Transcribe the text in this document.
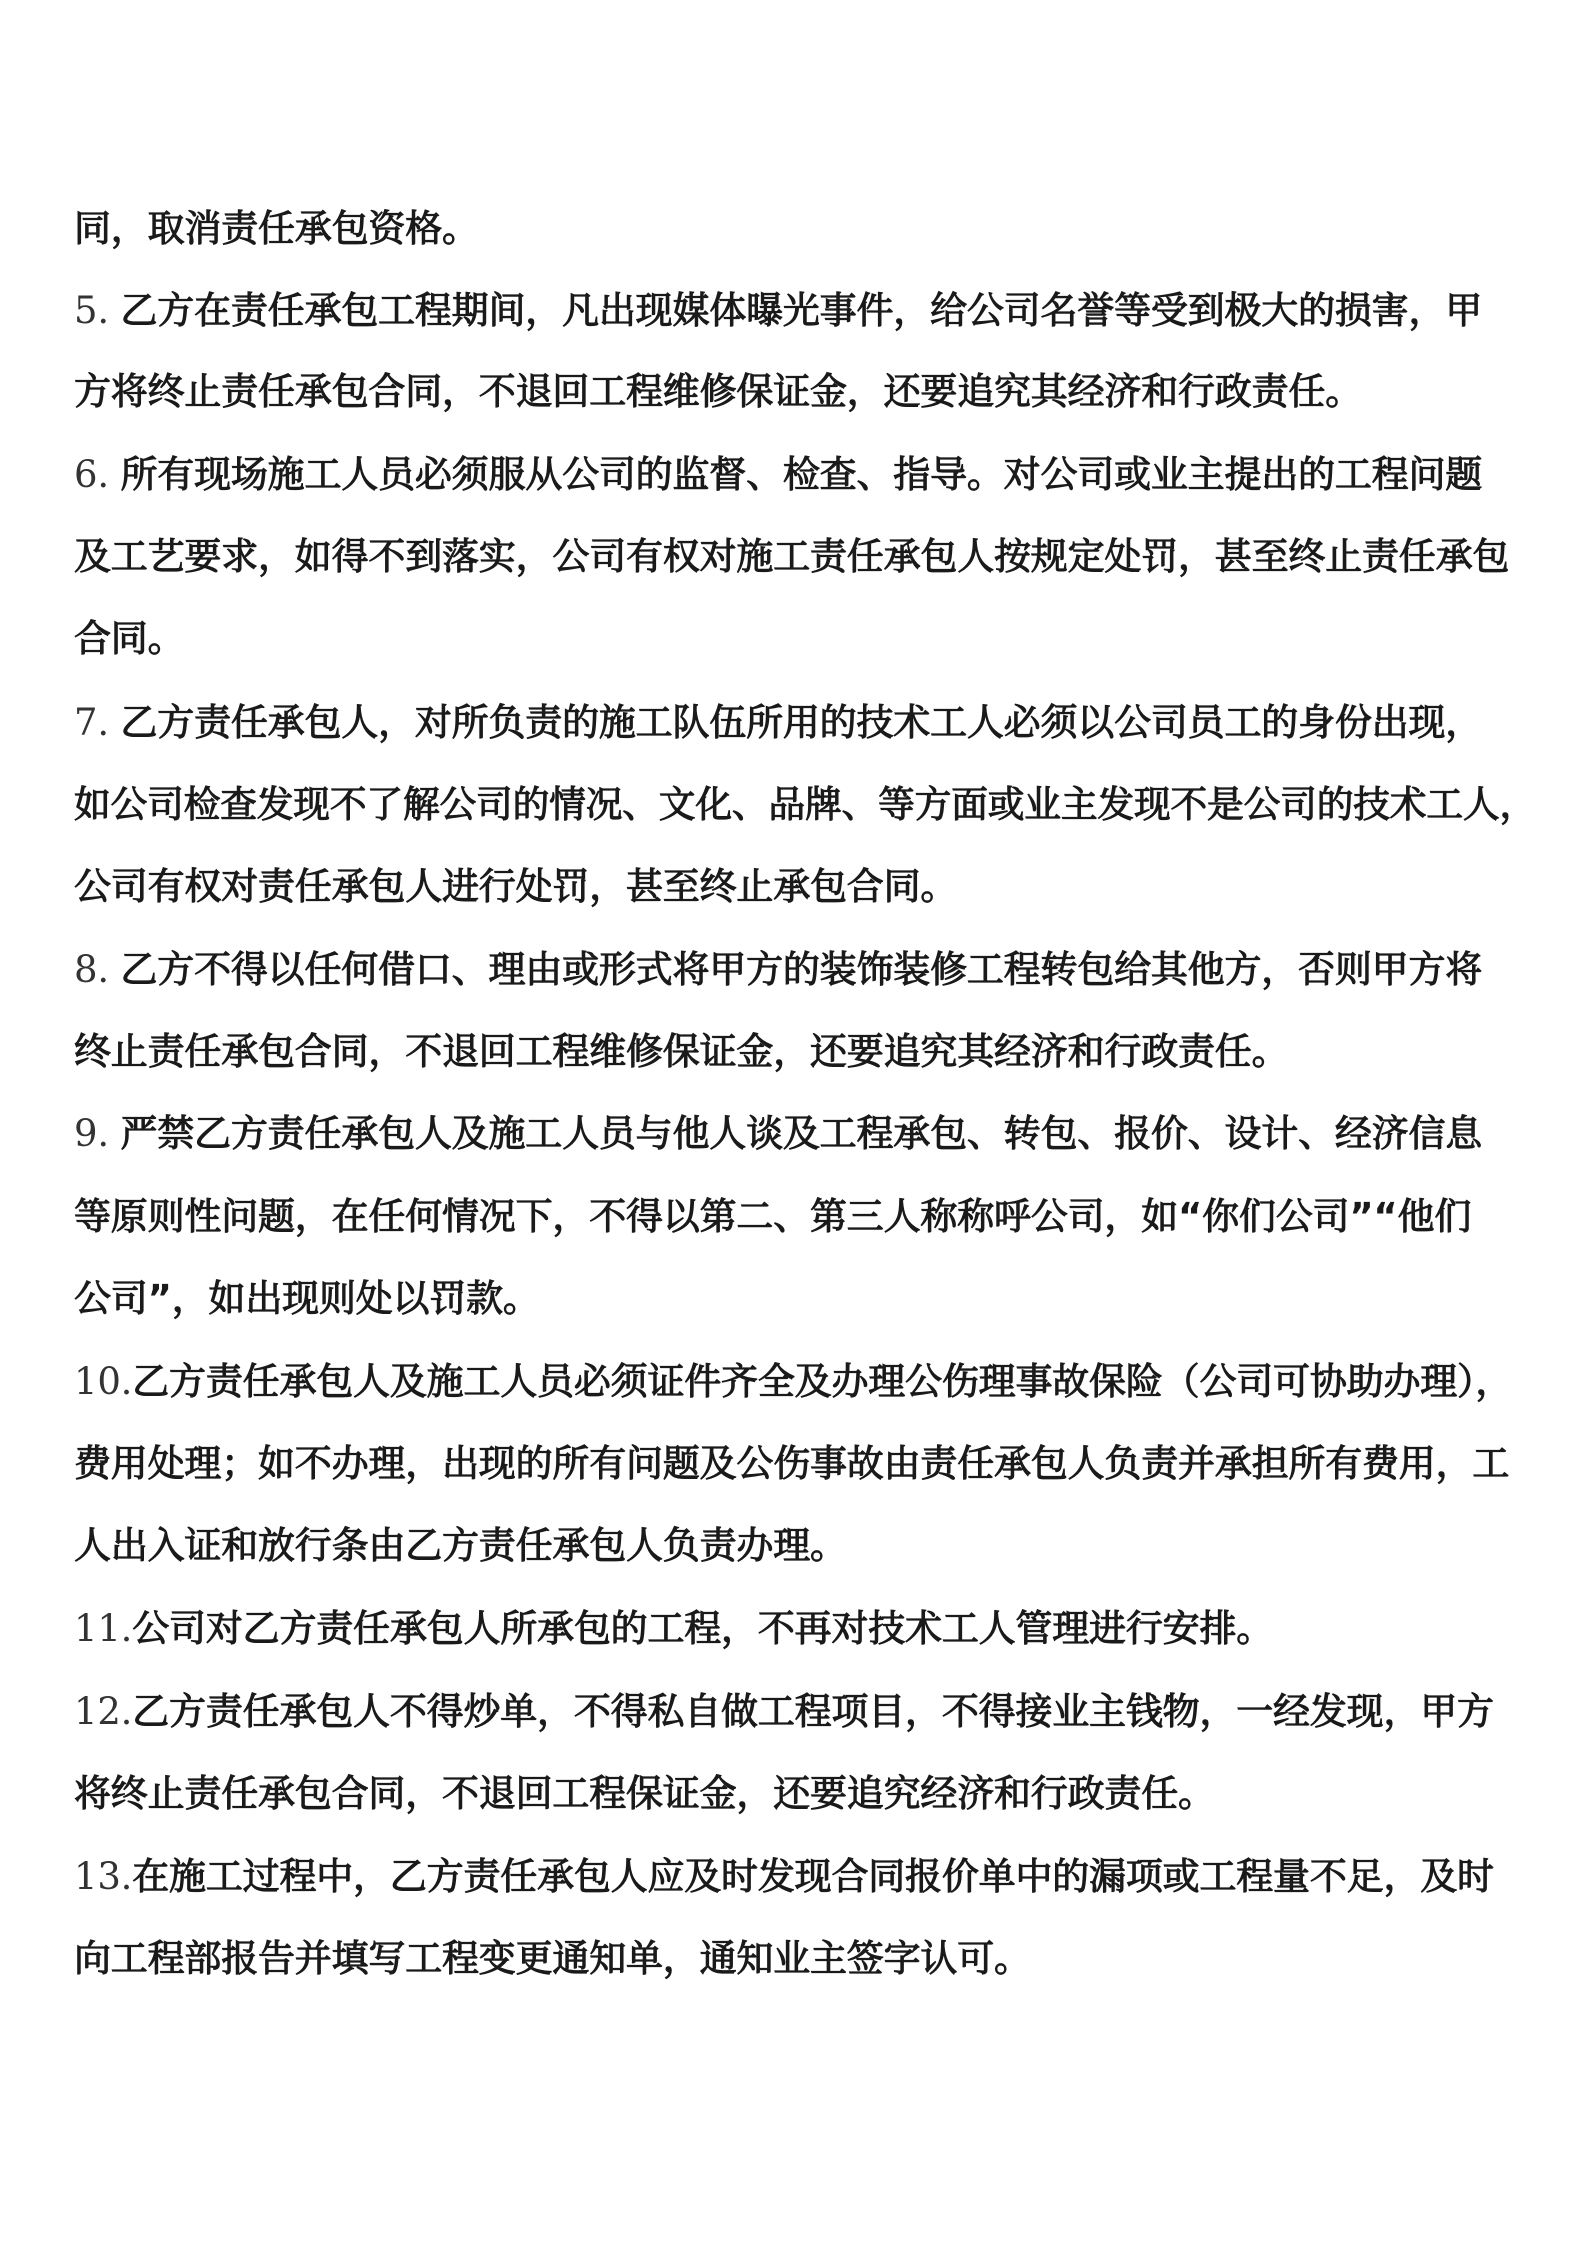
同，取消责任承包资格。
5. 乙方在责任承包工程期间，凡出现媒体曝光事件，给公司名誉等受到极大的损害，甲
方将终止责任承包合同，不退回工程维修保证金，还要追究其经济和行政责任。
6. 所有现场施工人员必须服从公司的监督、检查、指导。对公司或业主提出的工程问题
及工艺要求，如得不到落实，公司有权对施工责任承包人按规定处罚，甚至终止责任承包
合同。
7. 乙方责任承包人，对所负责的施工队伍所用的技术工人必须以公司员工的身份出现，
如公司检查发现不了解公司的情况、文化、品牌、等方面或业主发现不是公司的技术工人，
公司有权对责任承包人进行处罚，甚至终止承包合同。
8. 乙方不得以任何借口、理由或形式将甲方的装饰装修工程转包给其他方，否则甲方将
终止责任承包合同，不退回工程维修保证金，还要追究其经济和行政责任。
9. 严禁乙方责任承包人及施工人员与他人谈及工程承包、转包、报价、设计、经济信息
等原则性问题，在任何情况下，不得以第二、第三人称称呼公司，如“你们公司”“他们
公司”，如出现则处以罚款。
10.乙方责任承包人及施工人员必须证件齐全及办理公伤理事故保险（公司可协助办理），
费用处理；如不办理，出现的所有问题及公伤事故由责任承包人负责并承担所有费用，工
人出入证和放行条由乙方责任承包人负责办理。
11.公司对乙方责任承包人所承包的工程，不再对技术工人管理进行安排。
12.乙方责任承包人不得炒单，不得私自做工程项目，不得接业主钱物，一经发现，甲方
将终止责任承包合同，不退回工程保证金，还要追究经济和行政责任。
13.在施工过程中，乙方责任承包人应及时发现合同报价单中的漏项或工程量不足，及时
向工程部报告并填写工程变更通知单，通知业主签字认可。
